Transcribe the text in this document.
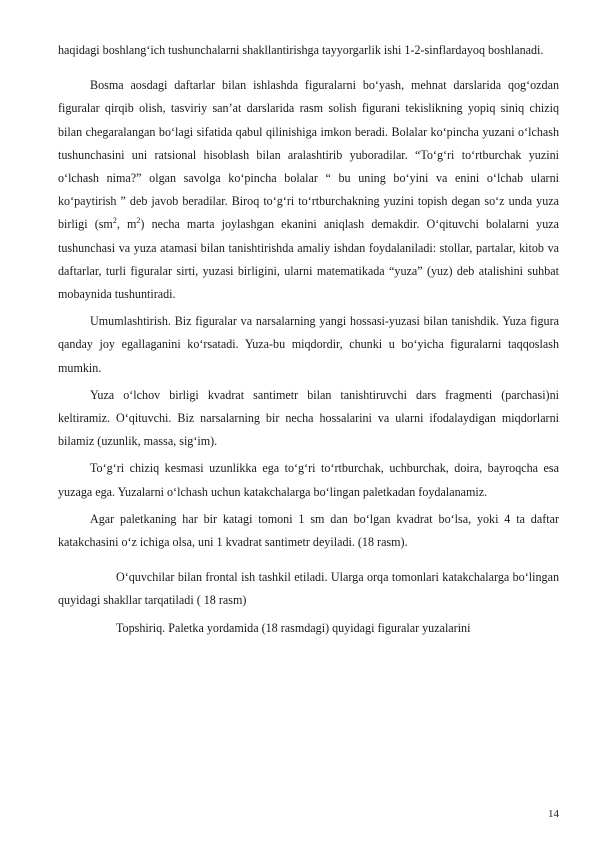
haqidagi boshlang‘ich tushunchalarni shakllantirishga tayyorgarlik ishi 1-2-sinflardayoq boshlanadi.

Bosma aosdagi daftarlar bilan ishlashda figuralarni bo‘yash, mehnat darslarida qog‘ozdan figuralar qirqib olish, tasviriy san’at darslarida rasm solish figurani tekislikning yopiq siniq chiziq bilan chegaralangan bo‘lagi sifatida qabul qilinishiga imkon beradi. Bolalar ko‘pincha yuzani o‘lchash tushunchasini uni ratsional hisoblash bilan aralashtirib yuboradilar. “To‘g‘ri to‘rtburchak yuzini o‘lchash nima?” olgan savolga ko‘pincha bolalar “ bu uning bo‘yini va enini o‘lchab ularni ko‘paytirish ” deb javob beradilar. Biroq to‘g‘ri to‘rtburchakning yuzini topish degan so‘z unda yuza birligi ($sm^2$, $m^2$) necha marta joylashgan ekanini aniqlash demakdir. O‘qituvchi bolalarni yuza tushunchasi va yuza atamasi bilan tanishtirishda amaliy ishdan foydalaniladi: stollar, partalar, kitob va daftarlar, turli figuralar sirti, yuzasi birligini, ularni matematikada “yuza” (yuz) deb atalishini suhbat mobaynida tushuntiradi.

Umumlashtirish. Biz figuralar va narsalarning yangi hossasi-yuzasi bilan tanishdik. Yuza figura qanday joy egallaganini ko‘rsatadi. Yuza-bu miqdordir, chunki u bo‘yicha figuralarni taqqoslash mumkin.

Yuza o‘lchov birligi kvadrat santimetr bilan tanishtiruvchi dars fragmenti (parchasi)ni keltiramiz. O‘qituvchi. Biz narsalarning bir necha hossalarini va ularni ifodalaydigan miqdorlarni bilamiz (uzunlik, massa, sig‘im).

To‘g‘ri chiziq kesmasi uzunlikka ega to‘g‘ri to‘rtburchak, uchburchak, doira, bayroqcha esa yuzaga ega. Yuzalarni o‘lchash uchun katakchalarga bo‘lingan paletkadan foydalanamiz.

Agar paletkaning har bir katagi tomoni 1 sm dan bo‘lgan kvadrat bo‘lsa, yoki 4 ta daftar katakchasini o‘z ichiga olsa, uni 1 kvadrat santimetr deyiladi. (18 rasm).

O‘quvchilar bilan frontal ish tashkil etiladi. Ularga orqa tomonlari katakchalarga bo‘lingan quyidagi shakllar tarqatiladi ( 18 rasm)

Topshiriq. Paletka yordamida (18 rasmdagi) quyidagi figuralar yuzalarini

14
